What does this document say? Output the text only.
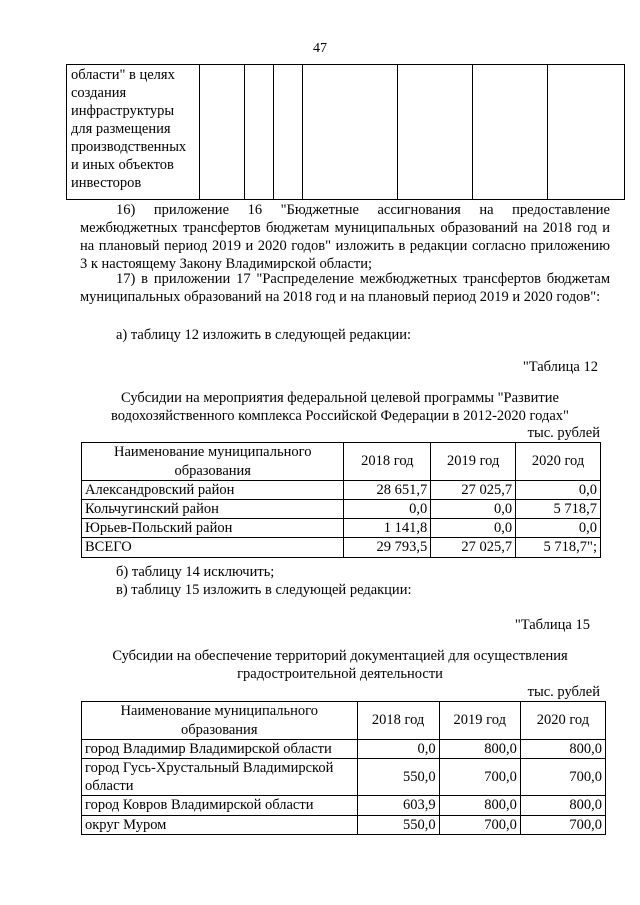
47
области" в целях
создания
инфраструктуры
для размещения
производственных
и иных объектов
инвесторов

16) приложение 16 "Бюджетные ассигнования на предоставление межбюджетных трансфертов бюджетам муниципальных образований на 2018 год и на плановый период 2019 и 2020 годов" изложить в редакции согласно приложению 3 к настоящему Закону Владимирской области;
17) в приложении 17 "Распределение межбюджетных трансфертов бюджетам муниципальных образований на 2018 год и на плановый период 2019 и 2020 годов":
а) таблицу 12 изложить в следующей редакции:
"Таблица 12
Субсидии на мероприятия федеральной целевой программы "Развитие водохозяйственного комплекса Российской Федерации в 2012-2020 годах"
тыс. рублей
Наименование муниципального образования	2018 год	2019 год	2020 год
Александровский район	28 651,7	27 025,7	0,0
Кольчугинский район	0,0	0,0	5 718,7
Юрьев-Польский район	1 141,8	0,0	0,0
ВСЕГО	29 793,5	27 025,7	5 718,7";
б) таблицу 14 исключить;
в) таблицу 15 изложить в следующей редакции:
"Таблица 15
Субсидии на обеспечение территорий документацией для осуществления градостроительной деятельности
тыс. рублей
Наименование муниципального образования	2018 год	2019 год	2020 год
город Владимир Владимирской области	0,0	800,0	800,0
город Гусь-Хрустальный Владимирской области	550,0	700,0	700,0
город Ковров Владимирской области	603,9	800,0	800,0
округ Муром	550,0	700,0	700,0
